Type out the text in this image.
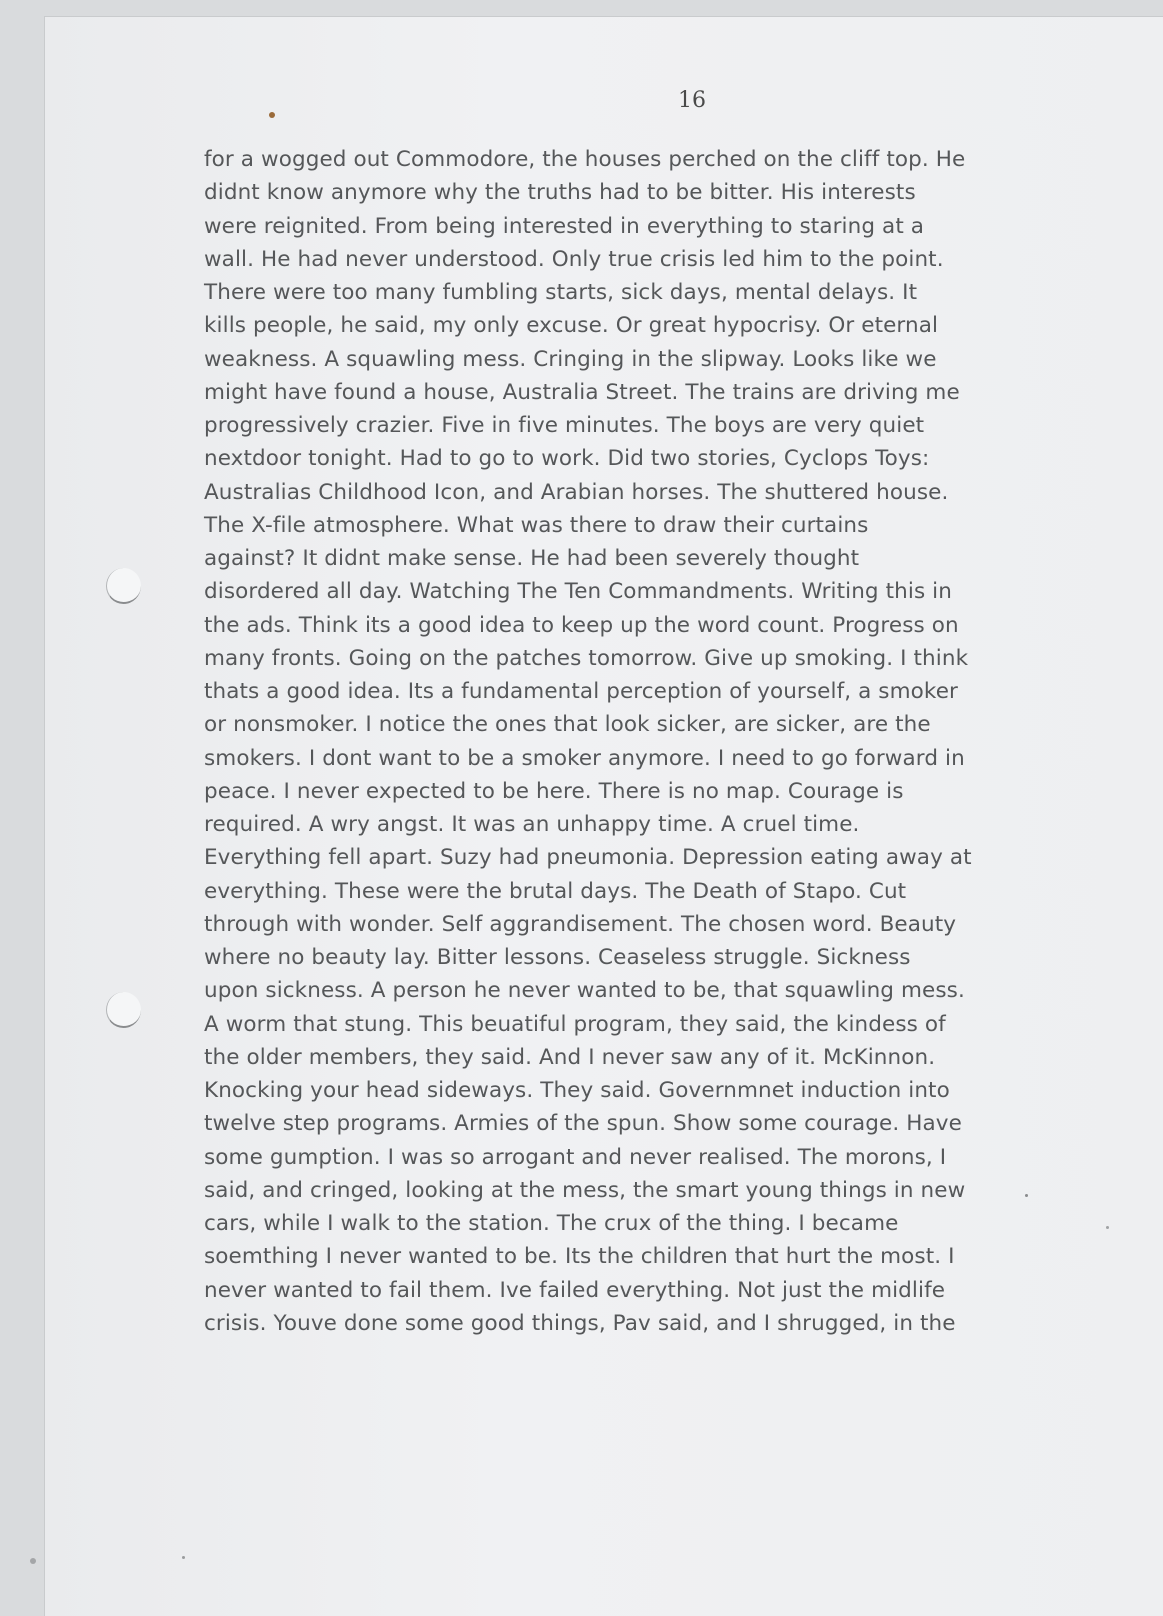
16

for a wogged out Commodore, the houses perched on the cliff top. He
didnt know anymore why the truths had to be bitter. His interests
were reignited. From being interested in everything to staring at a
wall. He had never understood. Only true crisis led him to the point.
There were too many fumbling starts, sick days, mental delays. It
kills people, he said, my only excuse. Or great hypocrisy. Or eternal
weakness. A squawling mess. Cringing in the slipway. Looks like we
might have found a house, Australia Street. The trains are driving me
progressively crazier. Five in five minutes. The boys are very quiet
nextdoor tonight. Had to go to work. Did two stories, Cyclops Toys:
Australias Childhood Icon, and Arabian horses. The shuttered house.
The X-file atmosphere. What was there to draw their curtains
against? It didnt make sense. He had been severely thought
disordered all day. Watching The Ten Commandments. Writing this in
the ads. Think its a good idea to keep up the word count. Progress on
many fronts. Going on the patches tomorrow. Give up smoking. I think
thats a good idea. Its a fundamental perception of yourself, a smoker
or nonsmoker. I notice the ones that look sicker, are sicker, are the
smokers. I dont want to be a smoker anymore. I need to go forward in
peace. I never expected to be here. There is no map. Courage is
required. A wry angst. It was an unhappy time. A cruel time.
Everything fell apart. Suzy had pneumonia. Depression eating away at
everything. These were the brutal days. The Death of Stapo. Cut
through with wonder. Self aggrandisement. The chosen word. Beauty
where no beauty lay. Bitter lessons. Ceaseless struggle. Sickness
upon sickness. A person he never wanted to be, that squawling mess.
A worm that stung. This beuatiful program, they said, the kindess of
the older members, they said. And I never saw any of it. McKinnon.
Knocking your head sideways. They said. Governmnet induction into
twelve step programs. Armies of the spun. Show some courage. Have
some gumption. I was so arrogant and never realised. The morons, I
said, and cringed, looking at the mess, the smart young things in new
cars, while I walk to the station. The crux of the thing. I became
soemthing I never wanted to be. Its the children that hurt the most. I
never wanted to fail them. Ive failed everything. Not just the midlife
crisis. Youve done some good things, Pav said, and I shrugged, in the
